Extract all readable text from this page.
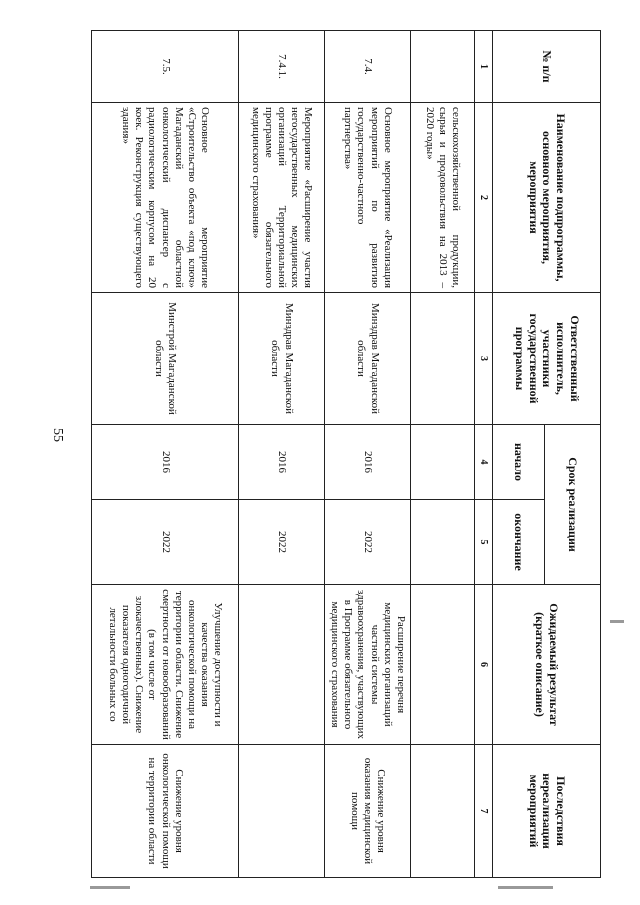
55
№ п/п	Наименование подпрограммы, основного мероприятия, мероприятия	Ответственный исполнитель, участники государственной программы	Срок реализации		Ожидаемый результат (краткое описание)	Последствия нереализации мероприятий
			начало	окончание		
1	2	3	4	5	6	7
	сельскохозяйственной продукции, сырья и продовольствия на 2013 – 2020 годы»					
7.4.	Основное мероприятие «Реализация мероприятий по развитию государственно-частного партнерства»	Минздрав Магаданской области	2016	2022	Расширение перечня медицинских организаций частной системы здравоохранения, участвующих в Программе обязательного медицинского страхования	Снижение уровня оказания медицинской помощи
7.4.1.	Мероприятие «Расширение участия негосударственных медицинских организаций Территориальной программе обязательного медицинского страхования»	Минздрав Магаданской области	2016	2022		
7.5.	Основное мероприятие «Строительство объекта «под ключ» Магаданский областной онкологический диспансер с радиологическим корпусом на 20 коек. Реконструкция существующего здания»	Минстрой Магаданской области	2016	2022	Улучшение доступности и качества оказания онкологической помощи на территории области. Снижение смертности от новообразований (в том числе от злокачественных). Снижение показателя одногодичной летальности больных со	Снижение уровня онкологической помощи на территории области
